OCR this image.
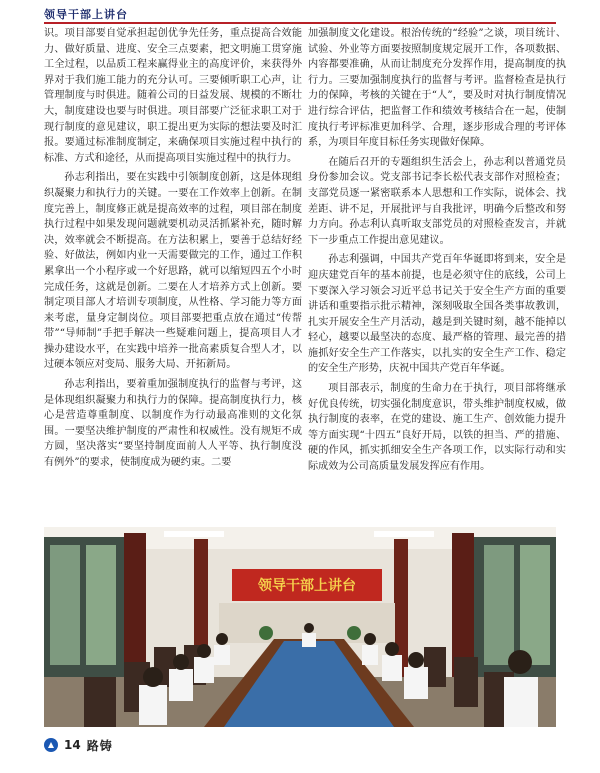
领导干部上讲台

识。项目部要自觉承担起创优争先任务，重点提高合效能力、做好质量、进度、安全三点要素，把文明施工贯穿施工全过程，以品质工程来赢得业主的高度评价，来获得外界对于我们施工能力的充分认可。三要倾听职工心声，让管理制度与时俱进。随着公司的日益发展、规模的不断壮大，制度建设也要与时俱进。项目部要广泛征求职工对于现行制度的意见建议，职工提出更为实际的想法要及时汇报。要通过标准制度制定，来确保项目实施过程中执行的标准、方式和途径，从而提高项目实施过程中的执行力。

孙志利指出，要在实践中引领制度创新，这是体现组织凝聚力和执行力的关键。一要在工作效率上创新。在制度完善上，制度修正就是提高效率的过程，项目部在制度执行过程中如果发现问题就要机动灵活抓紧补充，随时解决，效率就会不断提高。在方法积累上，要善于总结好经验、好做法，例如内业一天需要做完的工作，通过工作积累拿出一个小程序或一个好思路，就可以缩短四五个小时完成任务，这就是创新。二要在人才培养方式上创新。要制定项目部人才培训专项制度，从性格、学习能力等方面来考虑，量身定制岗位。项目部要把重点放在通过“传帮带”“导师制”手把手解决一些疑难问题上，提高项目人才操办建设水平，在实践中培养一批高素质复合型人才，以过硬本领应对变局、服务大局、开拓新局。

孙志利指出，要着重加强制度执行的监督与考评，这是体现组织凝聚力和执行力的保障。提高制度执行力，核心是营造尊重制度、以制度作为行动最高准则的文化氛围。一要坚决维护制度的严肃性和权威性。没有规矩不成方圆，坚决落实“要坚持制度面前人人平等、执行制度没有例外”的要求，使制度成为硬约束。二要

加强制度文化建设。根治传统的“经验”之谈，项目统计、试验、外业等方面要按照制度规定展开工作，各项数据、内容都要准确，从而让制度充分发挥作用，提高制度的执行力。三要加强制度执行的监督与考评。监督检查是执行力的保障，考核的关键在于“人”，要及时对执行制度情况进行综合评估，把监督工作和绩效考核结合在一起，使制度执行考评标准更加科学、合理，逐步形成合理的考评体系，为项目年度目标任务实现做好保障。

在随后召开的专题组织生活会上，孙志利以普通党员身份参加会议。党支部书记李长松代表支部作对照检查；支部党员逐一紧密联系本人思想和工作实际，说体会、找差距、讲不足，开展批评与自我批评，明确今后整改和努力方向。孙志利认真听取支部党员的对照检查发言，并就下一步重点工作提出意见建议。

孙志利强调，中国共产党百年华诞即将到来，安全是迎庆建党百年的基本前提，也是必须守住的底线，公司上下要深入学习领会习近平总书记关于安全生产方面的重要讲话和重要指示批示精神，深刻吸取全国各类事故教训，扎实开展安全生产月活动，越是到关键时刻，越不能掉以轻心，越要以最坚决的态度、最严格的管理、最完善的措施抓好安全生产工作落实，以扎实的安全生产工作、稳定的安全生产形势，庆祝中国共产党百年华诞。

项目部表示，制度的生命力在于执行，项目部将继承好优良传统，切实强化制度意识，带头维护制度权威，做执行制度的表率，在党的建设、施工生产、创效能力提升等方面实现“十四五”良好开局，以铁的担当、严的措施、硬的作风，抓实抓细安全生产各项工作，以实际行动和实际成效为公司高质量发展发挥应有作用。

领导干部上讲台
14 路铸
